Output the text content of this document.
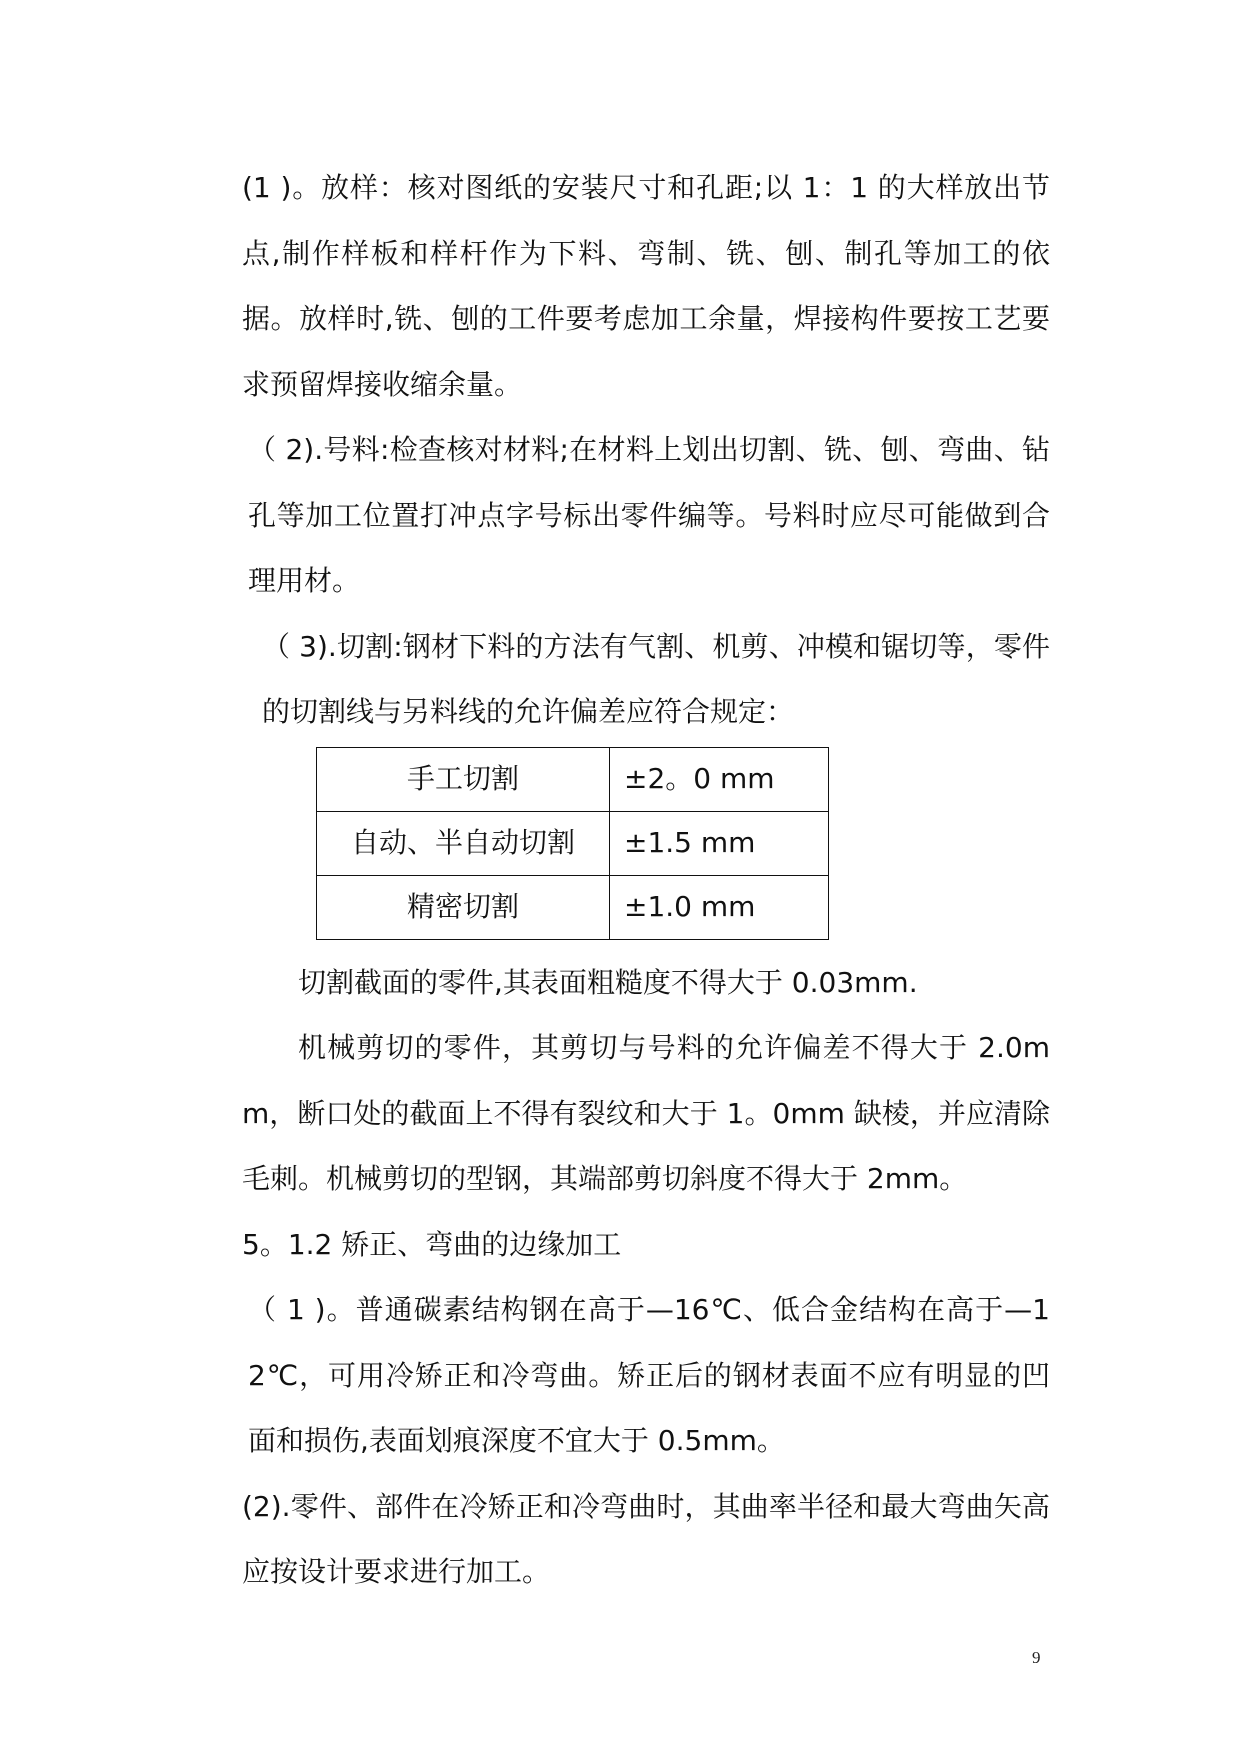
(1 )。放样：核对图纸的安装尺寸和孔距;以 1：1 的大样放出节点,制作样板和样杆作为下料、弯制、铣、刨、制孔等加工的依据。放样时,铣、刨的工件要考虑加工余量，焊接构件要按工艺要求预留焊接收缩余量。

（ 2).号料:检查核对材料;在材料上划出切割、铣、刨、弯曲、钻孔等加工位置打冲点字号标出零件编等。号料时应尽可能做到合理用材。

（ 3).切割:钢材下料的方法有气割、机剪、冲模和锯切等，零件的切割线与另料线的允许偏差应符合规定：

手工切割	±2。0 mm
自动、半自动切割	±1.5 mm
精密切割	±1.0 mm

切割截面的零件,其表面粗糙度不得大于 0.03mm.

机械剪切的零件，其剪切与号料的允许偏差不得大于 2.0mm，断口处的截面上不得有裂纹和大于 1。0mm 缺棱，并应清除毛刺。机械剪切的型钢，其端部剪切斜度不得大于 2mm。

5。1.2 矫正、弯曲的边缘加工

（ 1 )。普通碳素结构钢在高于—16℃、低合金结构在高于—12℃，可用冷矫正和冷弯曲。矫正后的钢材表面不应有明显的凹面和损伤,表面划痕深度不宜大于 0.5mm。

(2).零件、部件在冷矫正和冷弯曲时，其曲率半径和最大弯曲矢高应按设计要求进行加工。

9
